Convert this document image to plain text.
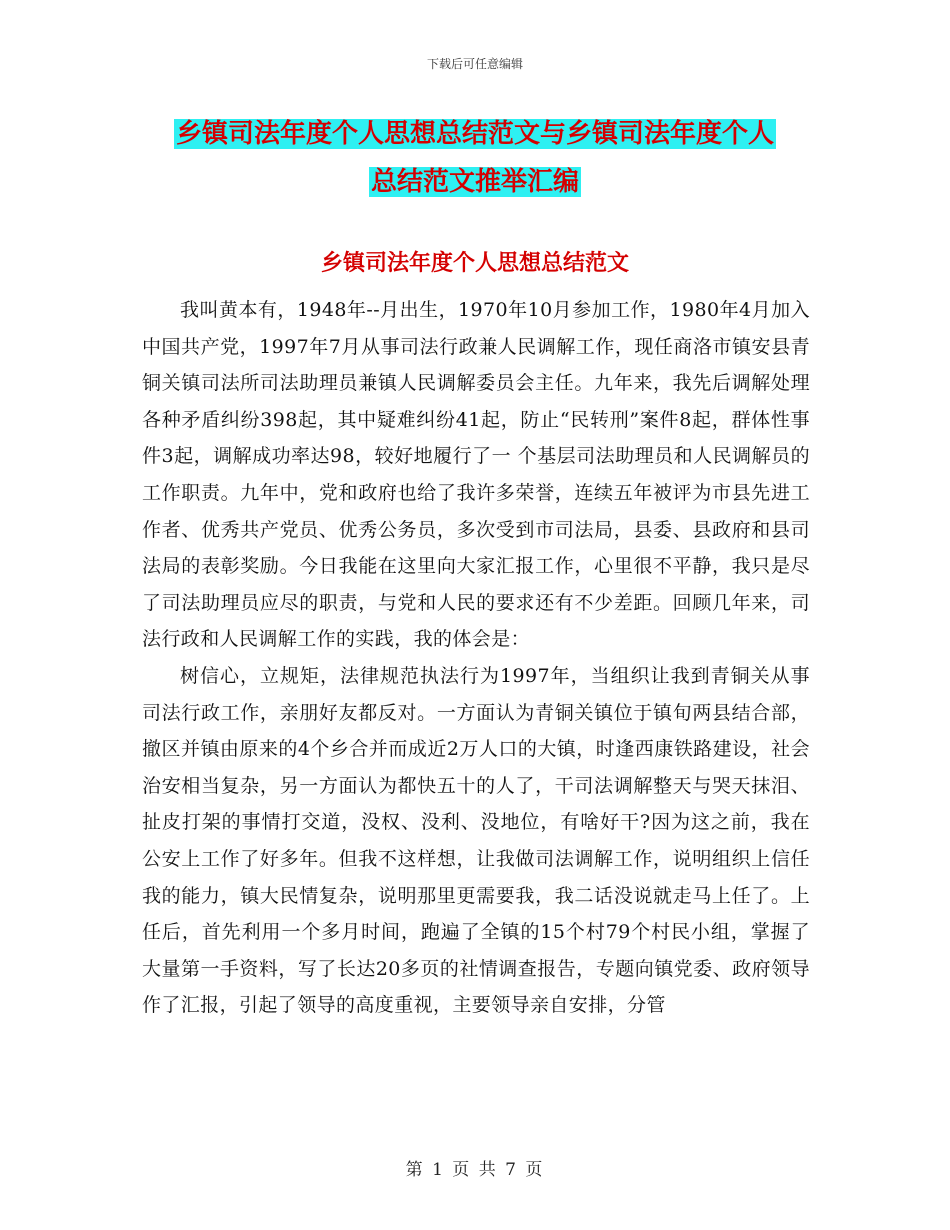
下载后可任意编辑
乡镇司法年度个人思想总结范文与乡镇司法年度个人
总结范文推举汇编
乡镇司法年度个人思想总结范文

我叫黄本有，1948年--月出生，1970年10月参加工作，1980年4月加入中国共产党，1997年7月从事司法行政兼人民调解工作，现任商洛市镇安县青铜关镇司法所司法助理员兼镇人民调解委员会主任。九年来，我先后调解处理各种矛盾纠纷398起，其中疑难纠纷41起，防止“民转刑”案件8起，群体性事件3起，调解成功率达98，较好地履行了一 个基层司法助理员和人民调解员的工作职责。九年中，党和政府也给了我许多荣誉，连续五年被评为市县先进工作者、优秀共产党员、优秀公务员，多次受到市司法局，县委、县政府和县司法局的表彰奖励。今日我能在这里向大家汇报工作，心里很不平静，我只是尽了司法助理员应尽的职责，与党和人民的要求还有不少差距。回顾几年来，司法行政和人民调解工作的实践，我的体会是：

树信心，立规矩，法律规范执法行为1997年，当组织让我到青铜关从事司法行政工作，亲朋好友都反对。一方面认为青铜关镇位于镇旬两县结合部，撤区并镇由原来的4个乡合并而成近2万人口的大镇，时逢西康铁路建设，社会治安相当复杂，另一方面认为都快五十的人了，干司法调解整天与哭天抹泪、扯皮打架的事情打交道，没权、没利、没地位，有啥好干?因为这之前，我在公安上工作了好多年。但我不这样想，让我做司法调解工作，说明组织上信任我的能力，镇大民情复杂，说明那里更需要我，我二话没说就走马上任了。上任后，首先利用一个多月时间，跑遍了全镇的15个村79个村民小组，掌握了大量第一手资料，写了长达20多页的社情调查报告，专题向镇党委、政府领导作了汇报，引起了领导的高度重视，主要领导亲自安排，分管

第 1 页 共 7 页
